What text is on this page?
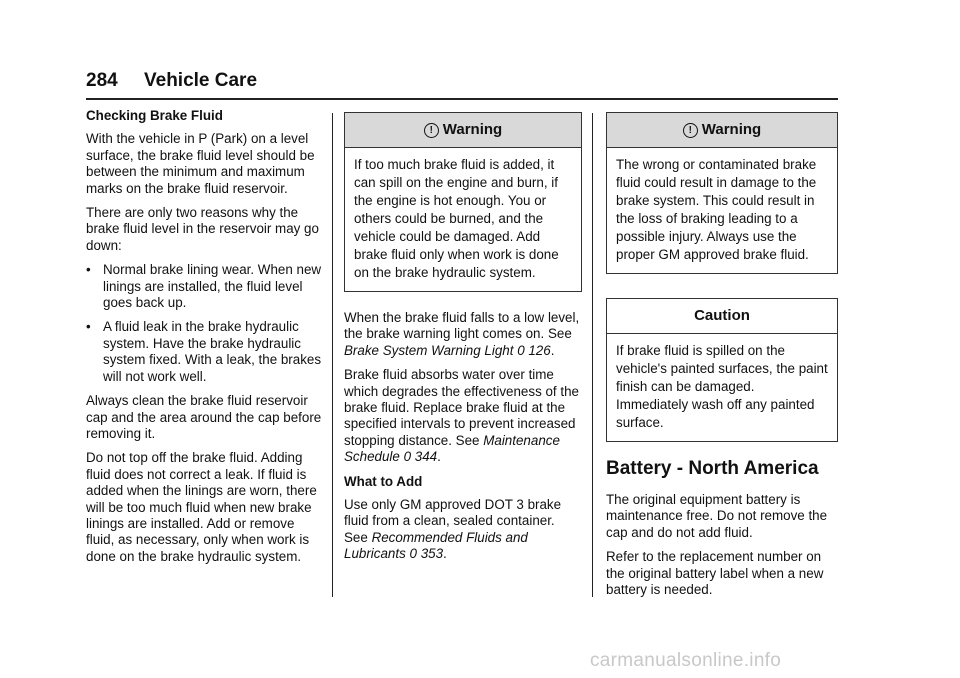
284 Vehicle Care

Checking Brake Fluid

With the vehicle in P (Park) on a level surface, the brake fluid level should be between the minimum and maximum marks on the brake fluid reservoir.

There are only two reasons why the brake fluid level in the reservoir may go down:

• Normal brake lining wear. When new linings are installed, the fluid level goes back up.
• A fluid leak in the brake hydraulic system. Have the brake hydraulic system fixed. With a leak, the brakes will not work well.

Always clean the brake fluid reservoir cap and the area around the cap before removing it.

Do not top off the brake fluid. Adding fluid does not correct a leak. If fluid is added when the linings are worn, there will be too much fluid when new brake linings are installed. Add or remove fluid, as necessary, only when work is done on the brake hydraulic system.

! Warning
If too much brake fluid is added, it can spill on the engine and burn, if the engine is hot enough. You or others could be burned, and the vehicle could be damaged. Add brake fluid only when work is done on the brake hydraulic system.

When the brake fluid falls to a low level, the brake warning light comes on. See Brake System Warning Light 0 126.

Brake fluid absorbs water over time which degrades the effectiveness of the brake fluid. Replace brake fluid at the specified intervals to prevent increased stopping distance. See Maintenance Schedule 0 344.

What to Add

Use only GM approved DOT 3 brake fluid from a clean, sealed container. See Recommended Fluids and Lubricants 0 353.

! Warning
The wrong or contaminated brake fluid could result in damage to the brake system. This could result in the loss of braking leading to a possible injury. Always use the proper GM approved brake fluid.
Caution
If brake fluid is spilled on the vehicle's painted surfaces, the paint finish can be damaged. Immediately wash off any painted surface.
Battery - North America

The original equipment battery is maintenance free. Do not remove the cap and do not add fluid.

Refer to the replacement number on the original battery label when a new battery is needed.

carmanualsonline.info
